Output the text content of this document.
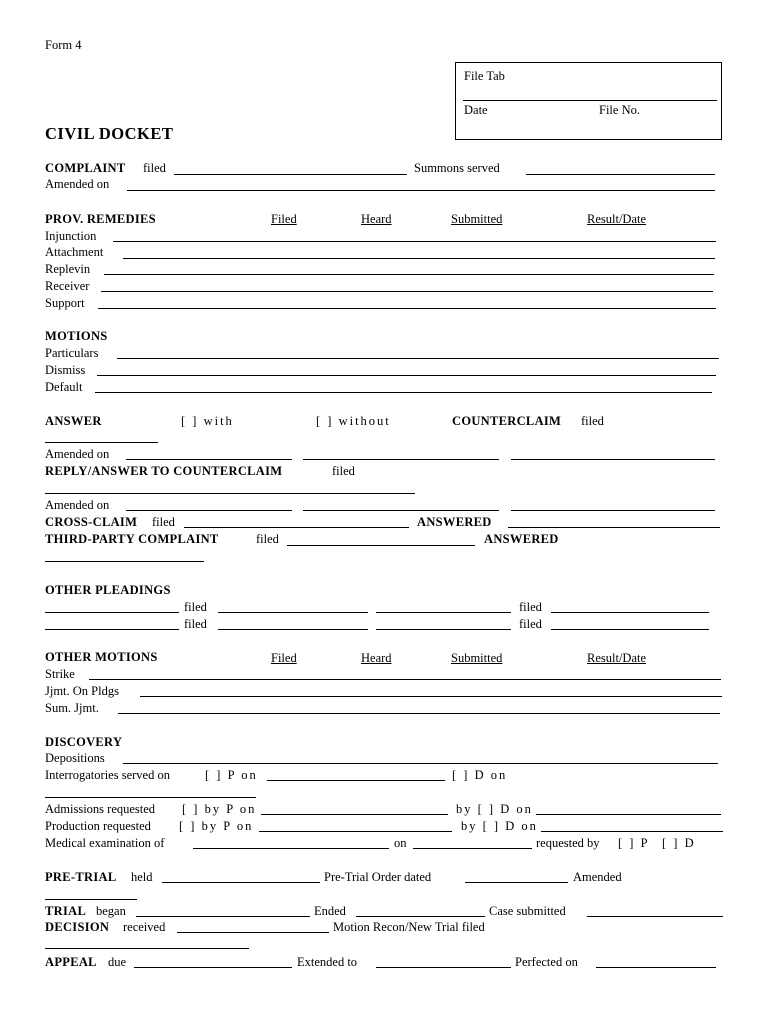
Form 4
File Tab
Date	File No.
CIVIL DOCKET
COMPLAINT filed	Summons served
Amended on
PROV. REMEDIES	Filed	Heard	Submitted	Result/Date
Injunction
Attachment
Replevin
Receiver
Support
MOTIONS
Particulars
Dismiss
Default
ANSWER	[ ] with	[ ] without	COUNTERCLAIM filed
Amended on
REPLY/ANSWER TO COUNTERCLAIM	filed
Amended on
CROSS-CLAIM filed	ANSWERED
THIRD-PARTY COMPLAINT	filed	ANSWERED
OTHER PLEADINGS
filed	filed
filed	filed
OTHER MOTIONS	Filed	Heard	Submitted	Result/Date
Strike
Jjmt. On Pldgs
Sum. Jjmt.
DISCOVERY
Depositions
Interrogatories served on	[ ] P on	[ ] D on
Admissions requested [ ] by P on	by [ ] D on
Production requested [ ] by P on	by [ ] D on
Medical examination of	on	requested by [ ] P [ ] D
PRE-TRIAL held	Pre-Trial Order dated	Amended
TRIAL began	Ended	Case submitted
DECISION received	Motion Recon/New Trial filed
APPEAL due	Extended to	Perfected on
